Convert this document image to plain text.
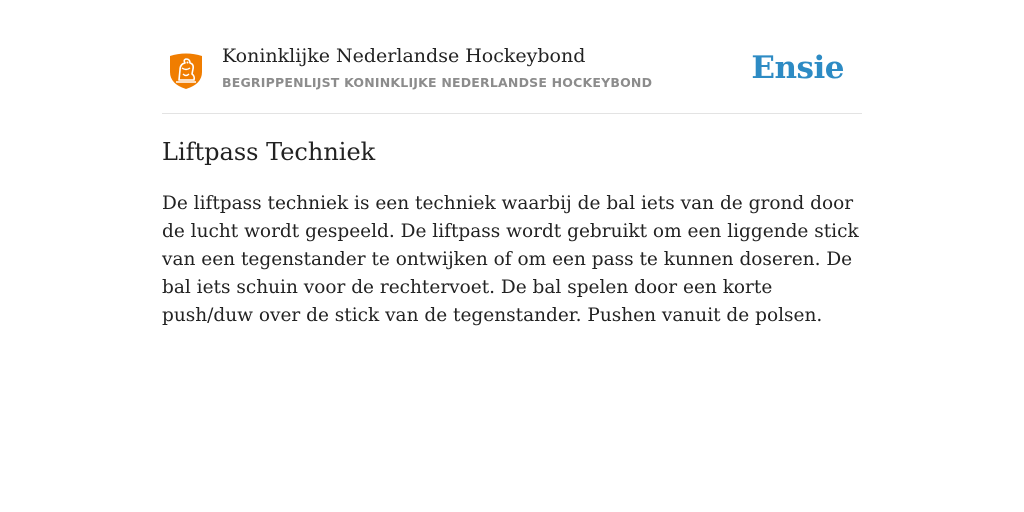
Koninklijke Nederlandse Hockeybond
BEGRIPPENLIJST KONINKLIJKE NEDERLANDSE HOCKEYBOND	Ensie
Liftpass Techniek

De liftpass techniek is een techniek waarbij de bal iets van de grond door de lucht wordt gespeeld. De liftpass wordt gebruikt om een liggende stick van een tegenstander te ontwijken of om een pass te kunnen doseren. De bal iets schuin voor de rechtervoet. De bal spelen door een korte push/duw over de stick van de tegenstander. Pushen vanuit de polsen.
